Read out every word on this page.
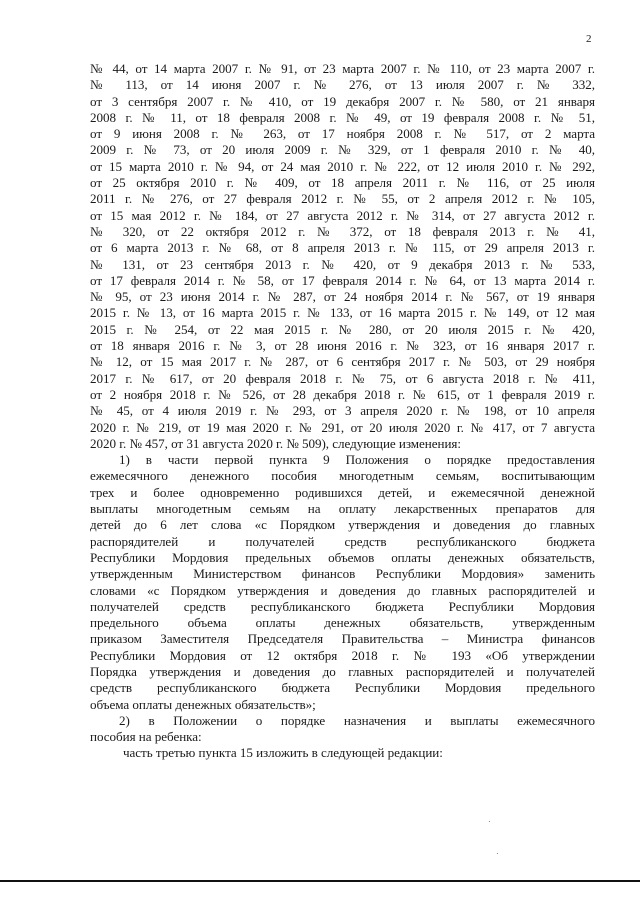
2
№ 44, от 14 марта 2007 г. № 91, от 23 марта 2007 г. № 110, от 23 марта 2007 г.
№ 113, от 14 июня 2007 г. № 276, от 13 июля 2007 г. № 332,
от 3 сентября 2007 г. № 410, от 19 декабря 2007 г. № 580, от 21 января
2008 г. № 11, от 18 февраля 2008 г. № 49, от 19 февраля 2008 г. № 51,
от 9 июня 2008 г. № 263, от 17 ноября 2008 г. № 517, от 2 марта
2009 г. № 73, от 20 июля 2009 г. № 329, от 1 февраля 2010 г. № 40,
от 15 марта 2010 г. № 94, от 24 мая 2010 г. № 222, от 12 июля 2010 г. № 292,
от 25 октября 2010 г. № 409, от 18 апреля 2011 г. № 116, от 25 июля
2011 г. № 276, от 27 февраля 2012 г. № 55, от 2 апреля 2012 г. № 105,
от 15 мая 2012 г. № 184, от 27 августа 2012 г. № 314, от 27 августа 2012 г.
№ 320, от 22 октября 2012 г. № 372, от 18 февраля 2013 г. № 41,
от 6 марта 2013 г. № 68, от 8 апреля 2013 г. № 115, от 29 апреля 2013 г.
№ 131, от 23 сентября 2013 г. № 420, от 9 декабря 2013 г. № 533,
от 17 февраля 2014 г. № 58, от 17 февраля 2014 г. № 64, от 13 марта 2014 г.
№ 95, от 23 июня 2014 г. № 287, от 24 ноября 2014 г. № 567, от 19 января
2015 г. № 13, от 16 марта 2015 г. № 133, от 16 марта 2015 г. № 149, от 12 мая
2015 г. № 254, от 22 мая 2015 г. № 280, от 20 июля 2015 г. № 420,
от 18 января 2016 г. № 3, от 28 июня 2016 г. № 323, от 16 января 2017 г.
№ 12, от 15 мая 2017 г. № 287, от 6 сентября 2017 г. № 503, от 29 ноября
2017 г. № 617, от 20 февраля 2018 г. № 75, от 6 августа 2018 г. № 411,
от 2 ноября 2018 г. № 526, от 28 декабря 2018 г. № 615, от 1 февраля 2019 г.
№ 45, от 4 июля 2019 г. № 293, от 3 апреля 2020 г. № 198, от 10 апреля
2020 г. № 219, от 19 мая 2020 г. № 291, от 20 июля 2020 г. № 417, от 7 августа
2020 г. № 457, от 31 августа 2020 г. № 509), следующие изменения:
1) в части первой пункта 9 Положения о порядке предоставления
ежемесячного денежного пособия многодетным семьям, воспитывающим
трех и более одновременно родившихся детей, и ежемесячной денежной
выплаты многодетным семьям на оплату лекарственных препаратов для
детей до 6 лет слова «с Порядком утверждения и доведения до главных
распорядителей и получателей средств республиканского бюджета
Республики Мордовия предельных объемов оплаты денежных обязательств,
утвержденным Министерством финансов Республики Мордовия» заменить
словами «с Порядком утверждения и доведения до главных распорядителей и
получателей средств республиканского бюджета Республики Мордовия
предельного объема оплаты денежных обязательств, утвержденным
приказом Заместителя Председателя Правительства – Министра финансов
Республики Мордовия от 12 октября 2018 г. № 193 «Об утверждении
Порядка утверждения и доведения до главных распорядителей и получателей
средств республиканского бюджета Республики Мордовия предельного
объема оплаты денежных обязательств»;
2) в Положении о порядке назначения и выплаты ежемесячного
пособия на ребенка:
часть третью пункта 15 изложить в следующей редакции:
